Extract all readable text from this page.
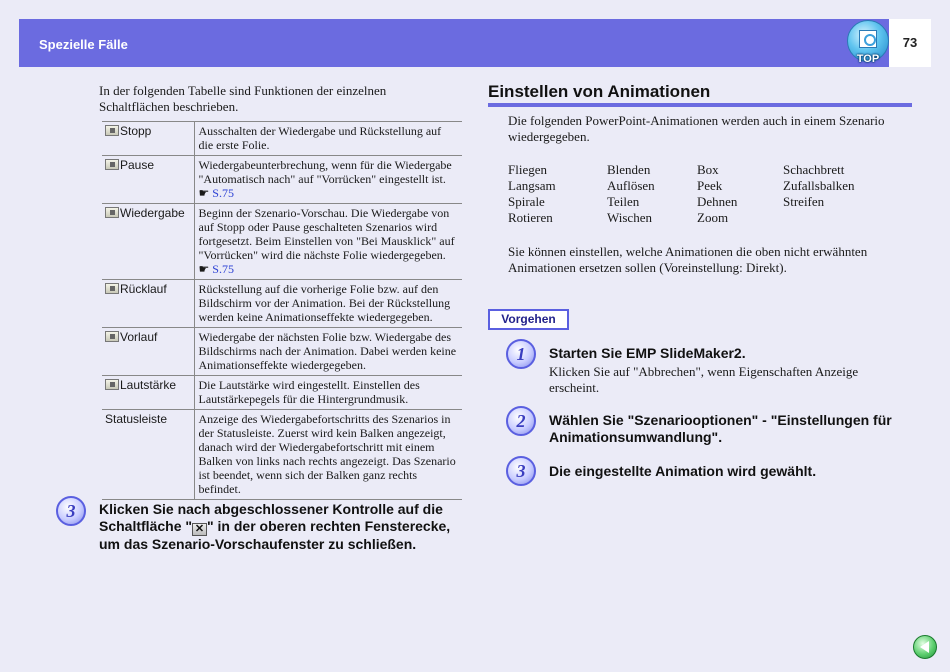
Spezielle Fälle	73
TOP
In der folgenden Tabelle sind Funktionen der einzelnen Schaltflächen beschrieben.
Stopp	Ausschalten der Wiedergabe und Rückstellung auf die erste Folie.
Pause	Wiedergabeunterbrechung, wenn für die Wiedergabe "Automatisch nach" auf "Vorrücken" eingestellt ist. ☛ S.75
Wiedergabe	Beginn der Szenario-Vorschau. Die Wiedergabe von auf Stopp oder Pause geschalteten Szenarios wird fortgesetzt. Beim Einstellen von "Bei Mausklick" auf "Vorrücken" wird die nächste Folie wiedergegeben. ☛ S.75
Rücklauf	Rückstellung auf die vorherige Folie bzw. auf den Bildschirm vor der Animation. Bei der Rückstellung werden keine Animationseffekte wiedergegeben.
Vorlauf	Wiedergabe der nächsten Folie bzw. Wiedergabe des Bildschirms nach der Animation. Dabei werden keine Animationseffekte wiedergegeben.
Lautstärke	Die Lautstärke wird eingestellt. Einstellen des Lautstärkepegels für die Hintergrundmusik.
Statusleiste	Anzeige des Wiedergabefortschritts des Szenarios in der Statusleiste. Zuerst wird kein Balken angezeigt, danach wird der Wiedergabefortschritt mit einem Balken von links nach rechts angezeigt. Das Szenario ist beendet, wenn sich der Balken ganz rechts befindet.
3	Klicken Sie nach abgeschlossener Kontrolle auf die Schaltfläche " ✕ " in der oberen rechten Fensterecke, um das Szenario-Vorschaufenster zu schließen.
Einstellen von Animationen
Die folgenden PowerPoint-Animationen werden auch in einem Szenario wiedergegeben.
Fliegen	Blenden	Box	Schachbrett
Langsam	Auflösen	Peek	Zufallsbalken
Spirale	Teilen	Dehnen	Streifen
Rotieren	Wischen	Zoom
Sie können einstellen, welche Animationen die oben nicht erwähnten Animationen ersetzen sollen (Voreinstellung: Direkt).
Vorgehen
1	Starten Sie EMP SlideMaker2.
Klicken Sie auf "Abbrechen", wenn Eigenschaften Anzeige erscheint.
2	Wählen Sie "Szenariooptionen" - "Einstellungen für Animationsumwandlung".
3	Die eingestellte Animation wird gewählt.
